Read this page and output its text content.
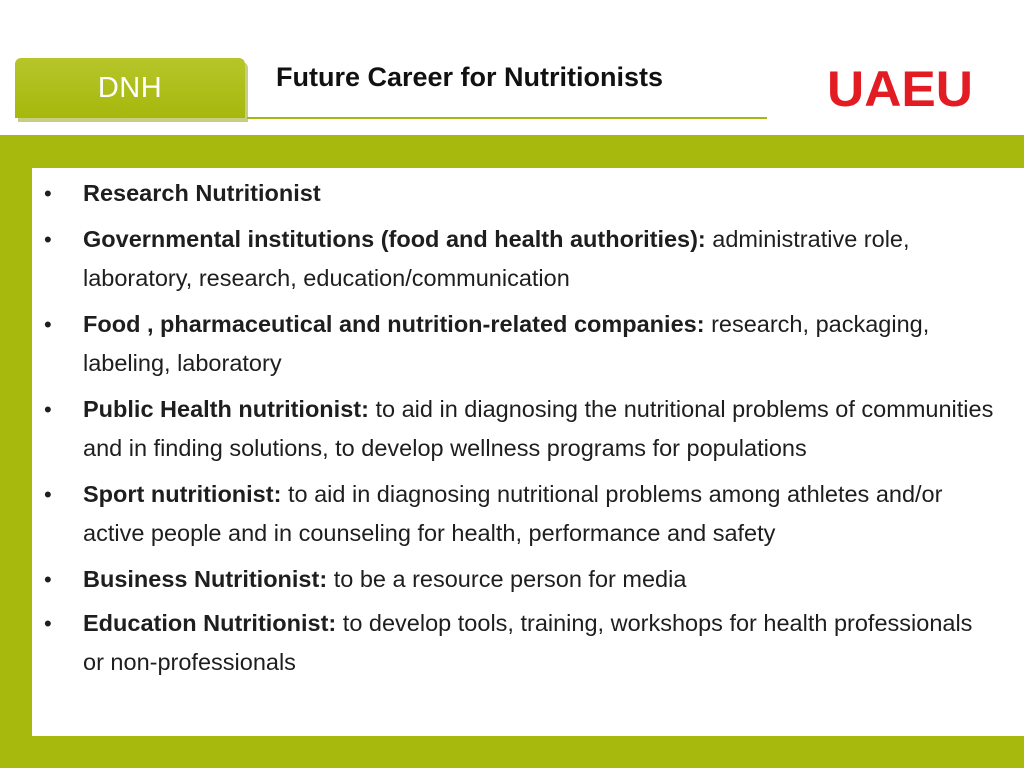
DNH	Future Career for Nutritionists	UAEU
• Research Nutritionist
• Governmental institutions (food and health authorities): administrative role, laboratory, research, education/communication
• Food , pharmaceutical and nutrition-related companies: research, packaging, labeling, laboratory
• Public Health nutritionist: to aid in diagnosing the nutritional problems of communities and in finding solutions, to develop wellness programs for populations
• Sport nutritionist: to aid in diagnosing nutritional problems among athletes and/or active people and in counseling for health, performance and safety
• Business Nutritionist: to be a resource person for media
• Education Nutritionist: to develop tools, training, workshops for health professionals or non-professionals
